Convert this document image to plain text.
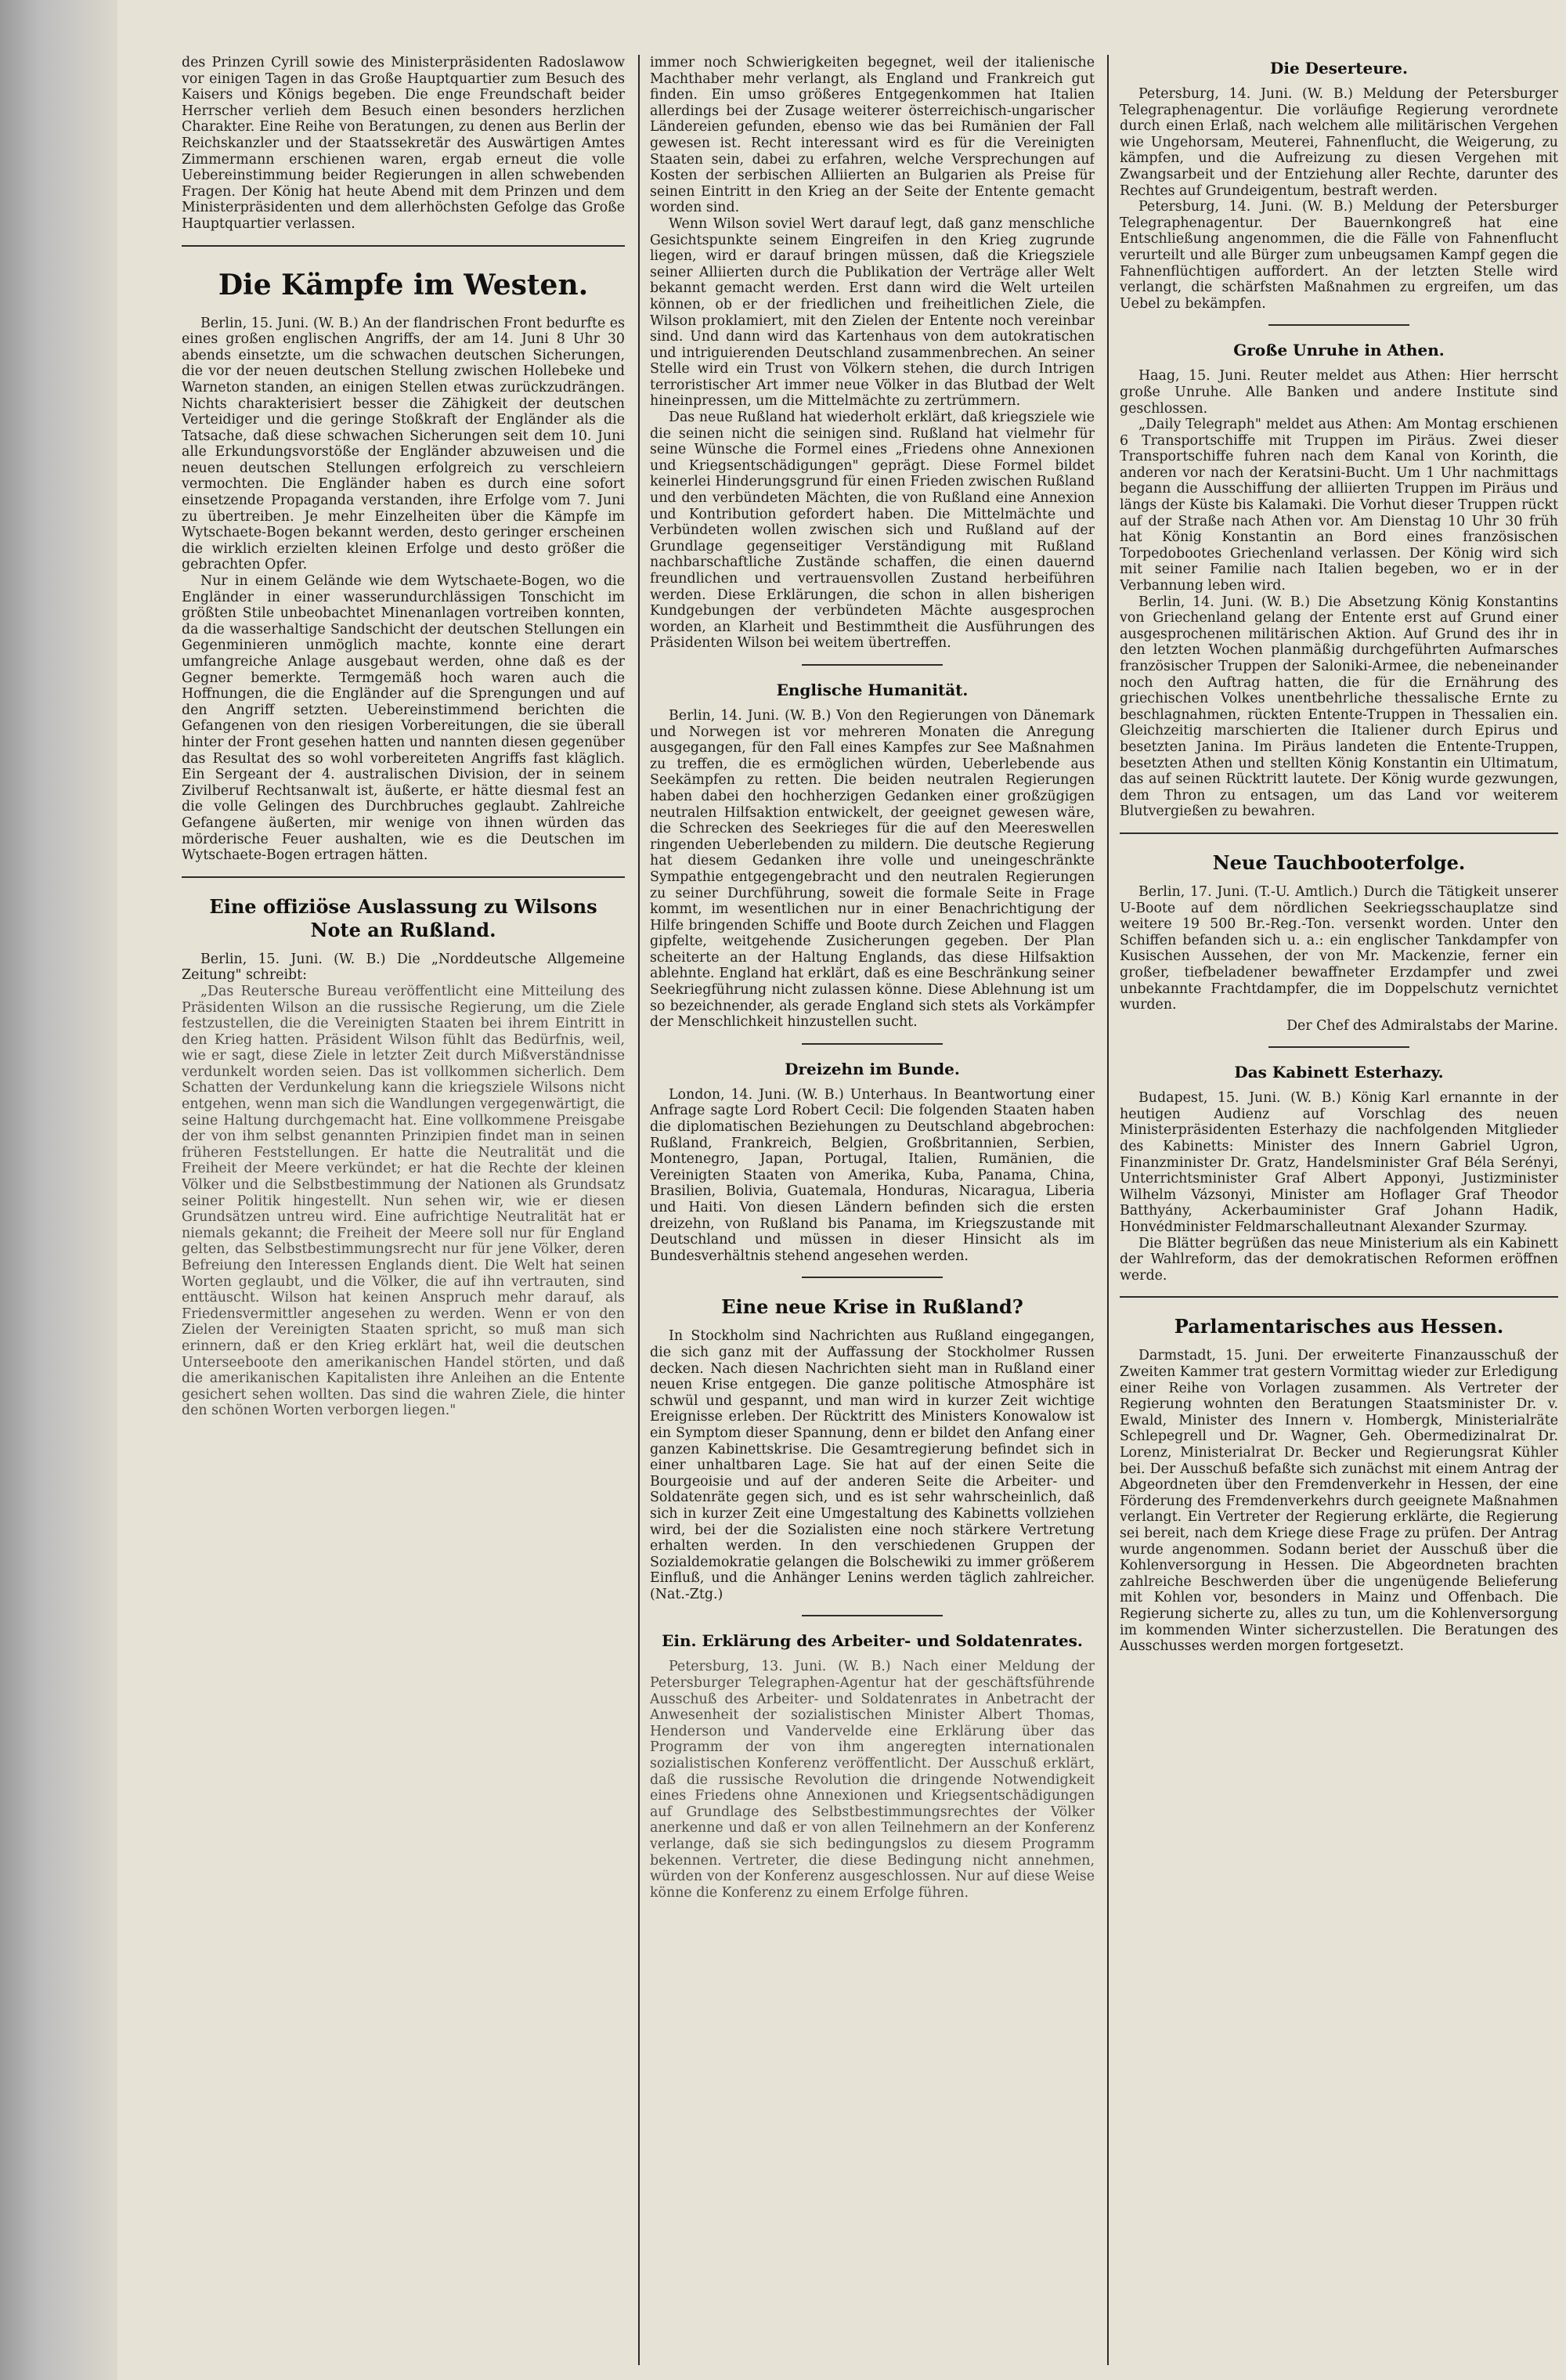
des Prinzen Cyrill sowie des Ministerpräsidenten Radoslawow vor einigen Tagen in das Große Hauptquartier zum Besuch des Kaisers und Königs begeben. Die enge Freundschaft beider Herrscher verlieh dem Besuch einen besonders herzlichen Charakter. Eine Reihe von Beratungen, zu denen aus Berlin der Reichskanzler und der Staatssekretär des Auswärtigen Amtes Zimmermann erschienen waren, ergab erneut die volle Uebereinstimmung beider Regierungen in allen schwebenden Fragen. Der König hat heute Abend mit dem Prinzen und dem Ministerpräsidenten und dem allerhöchsten Gefolge das Große Hauptquartier verlassen.

Die Kämpfe im Westen.

Berlin, 15. Juni. (W. B.) An der flandrischen Front bedurfte es eines großen englischen Angriffs, der am 14. Juni 8 Uhr 30 abends einsetzte, um die schwachen deutschen Sicherungen, die vor der neuen deutschen Stellung zwischen Hollebeke und Warneton standen, an einigen Stellen etwas zurückzudrängen. Nichts charakterisiert besser die Zähigkeit der deutschen Verteidiger und die geringe Stoßkraft der Engländer als die Tatsache, daß diese schwachen Sicherungen seit dem 10. Juni alle Erkundungsvorstöße der Engländer abzuweisen und die neuen deutschen Stellungen erfolgreich zu verschleiern vermochten. Die Engländer haben es durch eine sofort einsetzende Propaganda verstanden, ihre Erfolge vom 7. Juni zu übertreiben. Je mehr Einzelheiten über die Kämpfe im Wytschaete-Bogen bekannt werden, desto geringer erscheinen die wirklich erzielten kleinen Erfolge und desto größer die gebrachten Opfer.

Nur in einem Gelände wie dem Wytschaete-Bogen, wo die Engländer in einer wasserundurchlässigen Tonschicht im größten Stile unbeobachtet Minenanlagen vortreiben konnten, da die wasserhaltige Sandschicht der deutschen Stellungen ein Gegenminieren unmöglich machte, konnte eine derart umfangreiche Anlage ausgebaut werden, ohne daß es der Gegner bemerkte. Termgemäß hoch waren auch die Hoffnungen, die die Engländer auf die Sprengungen und auf den Angriff setzten. Uebereinstimmend berichten die Gefangenen von den riesigen Vorbereitungen, die sie überall hinter der Front gesehen hatten und nannten diesen gegenüber das Resultat des so wohl vorbereiteten Angriffs fast kläglich. Ein Sergeant der 4. australischen Division, der in seinem Zivilberuf Rechtsanwalt ist, äußerte, er hätte diesmal fest an die volle Gelingen des Durchbruches geglaubt. Zahlreiche Gefangene äußerten, mir wenige von ihnen würden das mörderische Feuer aushalten, wie es die Deutschen im Wytschaete-Bogen ertragen hätten.

Eine offiziöse Auslassung zu Wilsons Note an Rußland.

Berlin, 15. Juni. (W. B.) Die „Norddeutsche Allgemeine Zeitung" schreibt:

„Das Reutersche Bureau veröffentlicht eine Mitteilung des Präsidenten Wilson an die russische Regierung, um die Ziele festzustellen, die die Vereinigten Staaten bei ihrem Eintritt in den Krieg hatten. Präsident Wilson fühlt das Bedürfnis, weil, wie er sagt, diese Ziele in letzter Zeit durch Mißverständnisse verdunkelt worden seien. Das ist vollkommen sicherlich. Dem Schatten der Verdunkelung kann die kriegsziele Wilsons nicht entgehen, wenn man sich die Wandlungen vergegenwärtigt, die seine Haltung durchgemacht hat. Eine vollkommene Preisgabe der von ihm selbst genannten Prinzipien findet man in seinen früheren Feststellungen. Er hatte die Neutralität und die Freiheit der Meere verkündet; er hat die Rechte der kleinen Völker und die Selbstbestimmung der Nationen als Grundsatz seiner Politik hingestellt. Nun sehen wir, wie er diesen Grundsätzen untreu wird. Eine aufrichtige Neutralität hat er niemals gekannt; die Freiheit der Meere soll nur für England gelten, das Selbstbestimmungsrecht nur für jene Völker, deren Befreiung den Interessen Englands dient. Die Welt hat seinen Worten geglaubt, und die Völker, die auf ihn vertrauten, sind enttäuscht. Wilson hat keinen Anspruch mehr darauf, als Friedensvermittler angesehen zu werden. Wenn er von den Zielen der Vereinigten Staaten spricht, so muß man sich erinnern, daß er den Krieg erklärt hat, weil die deutschen Unterseeboote den amerikanischen Handel störten, und daß die amerikanischen Kapitalisten ihre Anleihen an die Entente gesichert sehen wollten. Das sind die wahren Ziele, die hinter den schönen Worten verborgen liegen."

immer noch Schwierigkeiten begegnet, weil der italienische Machthaber mehr verlangt, als England und Frankreich gut finden. Ein umso größeres Entgegenkommen hat Italien allerdings bei der Zusage weiterer österreichisch-ungarischer Ländereien gefunden, ebenso wie das bei Rumänien der Fall gewesen ist. Recht interessant wird es für die Vereinigten Staaten sein, dabei zu erfahren, welche Versprechungen auf Kosten der serbischen Alliierten an Bulgarien als Preise für seinen Eintritt in den Krieg an der Seite der Entente gemacht worden sind.

Wenn Wilson soviel Wert darauf legt, daß ganz menschliche Gesichtspunkte seinem Eingreifen in den Krieg zugrunde liegen, wird er darauf bringen müssen, daß die Kriegsziele seiner Alliierten durch die Publikation der Verträge aller Welt bekannt gemacht werden. Erst dann wird die Welt urteilen können, ob er der friedlichen und freiheitlichen Ziele, die Wilson proklamiert, mit den Zielen der Entente noch vereinbar sind. Und dann wird das Kartenhaus von dem autokratischen und intriguierenden Deutschland zusammenbrechen. An seiner Stelle wird ein Trust von Völkern stehen, die durch Intrigen terroristischer Art immer neue Völker in das Blutbad der Welt hineinpressen, um die Mittelmächte zu zertrümmern.

Das neue Rußland hat wiederholt erklärt, daß kriegsziele wie die seinen nicht die seinigen sind. Rußland hat vielmehr für seine Wünsche die Formel eines „Friedens ohne Annexionen und Kriegsentschädigungen" geprägt. Diese Formel bildet keinerlei Hinderungsgrund für einen Frieden zwischen Rußland und den verbündeten Mächten, die von Rußland eine Annexion und Kontribution gefordert haben. Die Mittelmächte und Verbündeten wollen zwischen sich und Rußland auf der Grundlage gegenseitiger Verständigung mit Rußland nachbarschaftliche Zustände schaffen, die einen dauernd freundlichen und vertrauensvollen Zustand herbeiführen werden. Diese Erklärungen, die schon in allen bisherigen Kundgebungen der verbündeten Mächte ausgesprochen worden, an Klarheit und Bestimmtheit die Ausführungen des Präsidenten Wilson bei weitem übertreffen.

Englische Humanität.

Berlin, 14. Juni. (W. B.) Von den Regierungen von Dänemark und Norwegen ist vor mehreren Monaten die Anregung ausgegangen, für den Fall eines Kampfes zur See Maßnahmen zu treffen, die es ermöglichen würden, Ueberlebende aus Seekämpfen zu retten. Die beiden neutralen Regierungen haben dabei den hochherzigen Gedanken einer großzügigen neutralen Hilfsaktion entwickelt, der geeignet gewesen wäre, die Schrecken des Seekrieges für die auf den Meereswellen ringenden Ueberlebenden zu mildern. Die deutsche Regierung hat diesem Gedanken ihre volle und uneingeschränkte Sympathie entgegengebracht und den neutralen Regierungen zu seiner Durchführung, soweit die formale Seite in Frage kommt, im wesentlichen nur in einer Benachrichtigung der Hilfe bringenden Schiffe und Boote durch Zeichen und Flaggen gipfelte, weitgehende Zusicherungen gegeben. Der Plan scheiterte an der Haltung Englands, das diese Hilfsaktion ablehnte. England hat erklärt, daß es eine Beschränkung seiner Seekriegführung nicht zulassen könne. Diese Ablehnung ist um so bezeichnender, als gerade England sich stets als Vorkämpfer der Menschlichkeit hinzustellen sucht.

Dreizehn im Bunde.

London, 14. Juni. (W. B.) Unterhaus. In Beantwortung einer Anfrage sagte Lord Robert Cecil: Die folgenden Staaten haben die diplomatischen Beziehungen zu Deutschland abgebrochen: Rußland, Frankreich, Belgien, Großbritannien, Serbien, Montenegro, Japan, Portugal, Italien, Rumänien, die Vereinigten Staaten von Amerika, Kuba, Panama, China, Brasilien, Bolivia, Guatemala, Honduras, Nicaragua, Liberia und Haiti. Von diesen Ländern befinden sich die ersten dreizehn, von Rußland bis Panama, im Kriegszustande mit Deutschland und müssen in dieser Hinsicht als im Bundesverhältnis stehend angesehen werden.

Eine neue Krise in Rußland?

In Stockholm sind Nachrichten aus Rußland eingegangen, die sich ganz mit der Auffassung der Stockholmer Russen decken. Nach diesen Nachrichten sieht man in Rußland einer neuen Krise entgegen. Die ganze politische Atmosphäre ist schwül und gespannt, und man wird in kurzer Zeit wichtige Ereignisse erleben. Der Rücktritt des Ministers Konowalow ist ein Symptom dieser Spannung, denn er bildet den Anfang einer ganzen Kabinettskrise. Die Gesamtregierung befindet sich in einer unhaltbaren Lage. Sie hat auf der einen Seite die Bourgeoisie und auf der anderen Seite die Arbeiter- und Soldatenräte gegen sich, und es ist sehr wahrscheinlich, daß sich in kurzer Zeit eine Umgestaltung des Kabinetts vollziehen wird, bei der die Sozialisten eine noch stärkere Vertretung erhalten werden. In den verschiedenen Gruppen der Sozialdemokratie gelangen die Bolschewiki zu immer größerem Einfluß, und die Anhänger Lenins werden täglich zahlreicher. (Nat.-Ztg.)

Ein. Erklärung des Arbeiter- und Soldatenrates.

Petersburg, 13. Juni. (W. B.) Nach einer Meldung der Petersburger Telegraphen-Agentur hat der geschäftsführende Ausschuß des Arbeiter- und Soldatenrates in Anbetracht der Anwesenheit der sozialistischen Minister Albert Thomas, Henderson und Vandervelde eine Erklärung über das Programm der von ihm angeregten internationalen sozialistischen Konferenz veröffentlicht. Der Ausschuß erklärt, daß die russische Revolution die dringende Notwendigkeit eines Friedens ohne Annexionen und Kriegsentschädigungen auf Grundlage des Selbstbestimmungsrechtes der Völker anerkenne und daß er von allen Teilnehmern an der Konferenz verlange, daß sie sich bedingungslos zu diesem Programm bekennen. Vertreter, die diese Bedingung nicht annehmen, würden von der Konferenz ausgeschlossen. Nur auf diese Weise könne die Konferenz zu einem Erfolge führen.

Die Deserteure.

Petersburg, 14. Juni. (W. B.) Meldung der Petersburger Telegraphenagentur. Die vorläufige Regierung verordnete durch einen Erlaß, nach welchem alle militärischen Vergehen wie Ungehorsam, Meuterei, Fahnenflucht, die Weigerung, zu kämpfen, und die Aufreizung zu diesen Vergehen mit Zwangsarbeit und der Entziehung aller Rechte, darunter des Rechtes auf Grundeigentum, bestraft werden.

Petersburg, 14. Juni. (W. B.) Meldung der Petersburger Telegraphenagentur. Der Bauernkongreß hat eine Entschließung angenommen, die die Fälle von Fahnenflucht verurteilt und alle Bürger zum unbeugsamen Kampf gegen die Fahnenflüchtigen auffordert. An der letzten Stelle wird verlangt, die schärfsten Maßnahmen zu ergreifen, um das Uebel zu bekämpfen.

Große Unruhe in Athen.

Haag, 15. Juni. Reuter meldet aus Athen: Hier herrscht große Unruhe. Alle Banken und andere Institute sind geschlossen.

„Daily Telegraph" meldet aus Athen: Am Montag erschienen 6 Transportschiffe mit Truppen im Piräus. Zwei dieser Transportschiffe fuhren nach dem Kanal von Korinth, die anderen vor nach der Keratsini-Bucht. Um 1 Uhr nachmittags begann die Ausschiffung der alliierten Truppen im Piräus und längs der Küste bis Kalamaki. Die Vorhut dieser Truppen rückt auf der Straße nach Athen vor. Am Dienstag 10 Uhr 30 früh hat König Konstantin an Bord eines französischen Torpedobootes Griechenland verlassen. Der König wird sich mit seiner Familie nach Italien begeben, wo er in der Verbannung leben wird.

Berlin, 14. Juni. (W. B.) Die Absetzung König Konstantins von Griechenland gelang der Entente erst auf Grund einer ausgesprochenen militärischen Aktion. Auf Grund des ihr in den letzten Wochen planmäßig durchgeführten Aufmarsches französischer Truppen der Saloniki-Armee, die nebeneinander noch den Auftrag hatten, die für die Ernährung des griechischen Volkes unentbehrliche thessalische Ernte zu beschlagnahmen, rückten Entente-Truppen in Thessalien ein. Gleichzeitig marschierten die Italiener durch Epirus und besetzten Janina. Im Piräus landeten die Entente-Truppen, besetzten Athen und stellten König Konstantin ein Ultimatum, das auf seinen Rücktritt lautete. Der König wurde gezwungen, dem Thron zu entsagen, um das Land vor weiterem Blutvergießen zu bewahren.

Neue Tauchbooterfolge.

Berlin, 17. Juni. (T.-U. Amtlich.) Durch die Tätigkeit unserer U-Boote auf dem nördlichen Seekriegsschauplatze sind weitere 19 500 Br.-Reg.-Ton. versenkt worden. Unter den Schiffen befanden sich u. a.: ein englischer Tankdampfer von Kusischen Aussehen, der von Mr. Mackenzie, ferner ein großer, tiefbeladener bewaffneter Erzdampfer und zwei unbekannte Frachtdampfer, die im Doppelschutz vernichtet wurden.

Der Chef des Admiralstabs der Marine.

Das Kabinett Esterhazy.

Budapest, 15. Juni. (W. B.) König Karl ernannte in der heutigen Audienz auf Vorschlag des neuen Ministerpräsidenten Esterhazy die nachfolgenden Mitglieder des Kabinetts: Minister des Innern Gabriel Ugron, Finanzminister Dr. Gratz, Handelsminister Graf Béla Serényi, Unterrichtsminister Graf Albert Apponyi, Justizminister Wilhelm Vázsonyi, Minister am Hoflager Graf Theodor Batthyány, Ackerbauminister Graf Johann Hadik, Honvédminister Feldmarschalleutnant Alexander Szurmay.

Die Blätter begrüßen das neue Ministerium als ein Kabinett der Wahlreform, das der demokratischen Reformen eröffnen werde.

Parlamentarisches aus Hessen.

Darmstadt, 15. Juni. Der erweiterte Finanzausschuß der Zweiten Kammer trat gestern Vormittag wieder zur Erledigung einer Reihe von Vorlagen zusammen. Als Vertreter der Regierung wohnten den Beratungen Staatsminister Dr. v. Ewald, Minister des Innern v. Hombergk, Ministerialräte Schlepegrell und Dr. Wagner, Geh. Obermedizinalrat Dr. Lorenz, Ministerialrat Dr. Becker und Regierungsrat Kühler bei. Der Ausschuß befaßte sich zunächst mit einem Antrag der Abgeordneten über den Fremdenverkehr in Hessen, der eine Förderung des Fremdenverkehrs durch geeignete Maßnahmen verlangt. Ein Vertreter der Regierung erklärte, die Regierung sei bereit, nach dem Kriege diese Frage zu prüfen. Der Antrag wurde angenommen. Sodann beriet der Ausschuß über die Kohlenversorgung in Hessen. Die Abgeordneten brachten zahlreiche Beschwerden über die ungenügende Belieferung mit Kohlen vor, besonders in Mainz und Offenbach. Die Regierung sicherte zu, alles zu tun, um die Kohlenversorgung im kommenden Winter sicherzustellen. Die Beratungen des Ausschusses werden morgen fortgesetzt.
